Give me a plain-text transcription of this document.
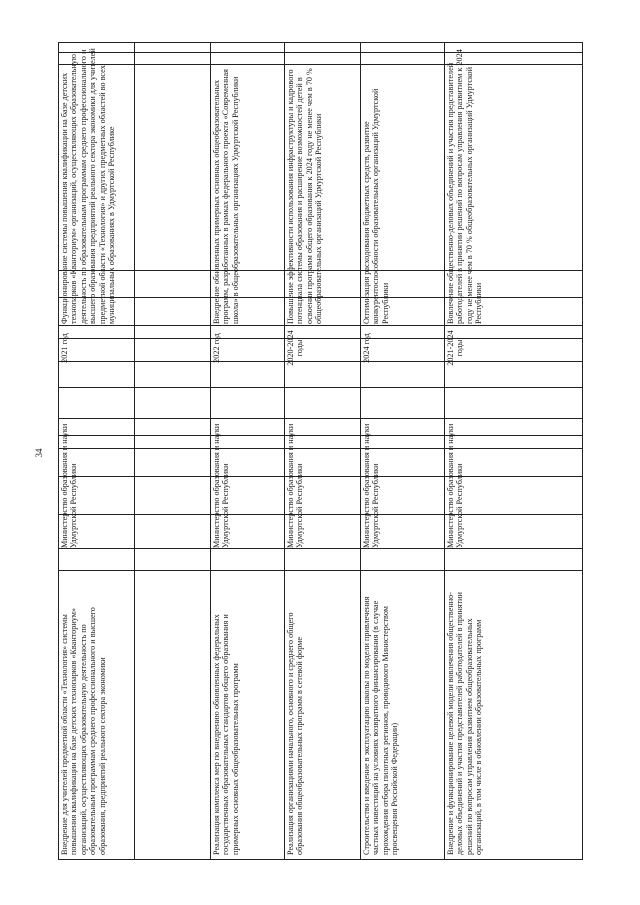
34
Функционирование системы повышения квалификации на базе детских технопарков «Кванториум» организаций, осуществляющих образовательную деятельность по образовательным программам среднего профессионального и высшего образования предприятий реального сектора экономики для учителей предметной области «Технология» и других предметных областей во всех муниципальных образованиях в Удмуртской Республике
2021 год
Министерство образования и науки Удмуртской Республики
Внедрение для учителей предметной области «Технология» системы повышения квалификации на базе детских технопарков «Кванториум» организаций, осуществляющих образовательную деятельность по образовательным программам среднего профессионального и высшего образования, предприятий реального сектора экономики
Внедрение обновленных примерных основных общеобразовательных программ, разработанных в рамках федерального проекта «Современная школа» в общеобразовательных организациях Удмуртской Республики
2022 год
Министерство образования и науки Удмуртской Республики
Реализация комплекса мер по внедрению обновленных федеральных государственных образовательных стандартов общего образования и примерных основных общеобразовательных программ
Повышение эффективности использования инфраструктуры и кадрового потенциала системы образования и расширение возможностей детей в освоении программ общего образования к 2024 году не менее чем в 70 % общеобразовательных организаций Удмуртской Республики
2020-2024 годы
Министерство образования и науки Удмуртской Республики
Реализация организациями начального, основного и среднего общего образования общеобразовательных программ в сетевой форме
Оптимизация расходования бюджетных средств, развитие конкурентоспособности образовательных организаций Удмуртской Республики
2024 год
Министерство образования и науки Удмуртской Республики
Строительство и введение в эксплуатацию школы по модели привлечения частных инвестиций на условиях возвратного финансирования (в случае прохождения отбора пилотных регионов, проводимого Министерством просвещения Российской Федерации)
Вовлечение общественно-деловых объединений и участия представителей работодателей в принятии решений по вопросам управления развитием к 2024 году не менее чем в 70 % общеобразовательных организаций Удмуртской Республики
2021-2024 годы
Министерство образования и науки Удмуртской Республики
Внедрение и функционирование целевой модели вовлечения общественно-деловых объединений и участия представителей работодателей в принятии решений по вопросам управления развитием общеобразовательных организаций, в том числе в обновлении образовательных программ
